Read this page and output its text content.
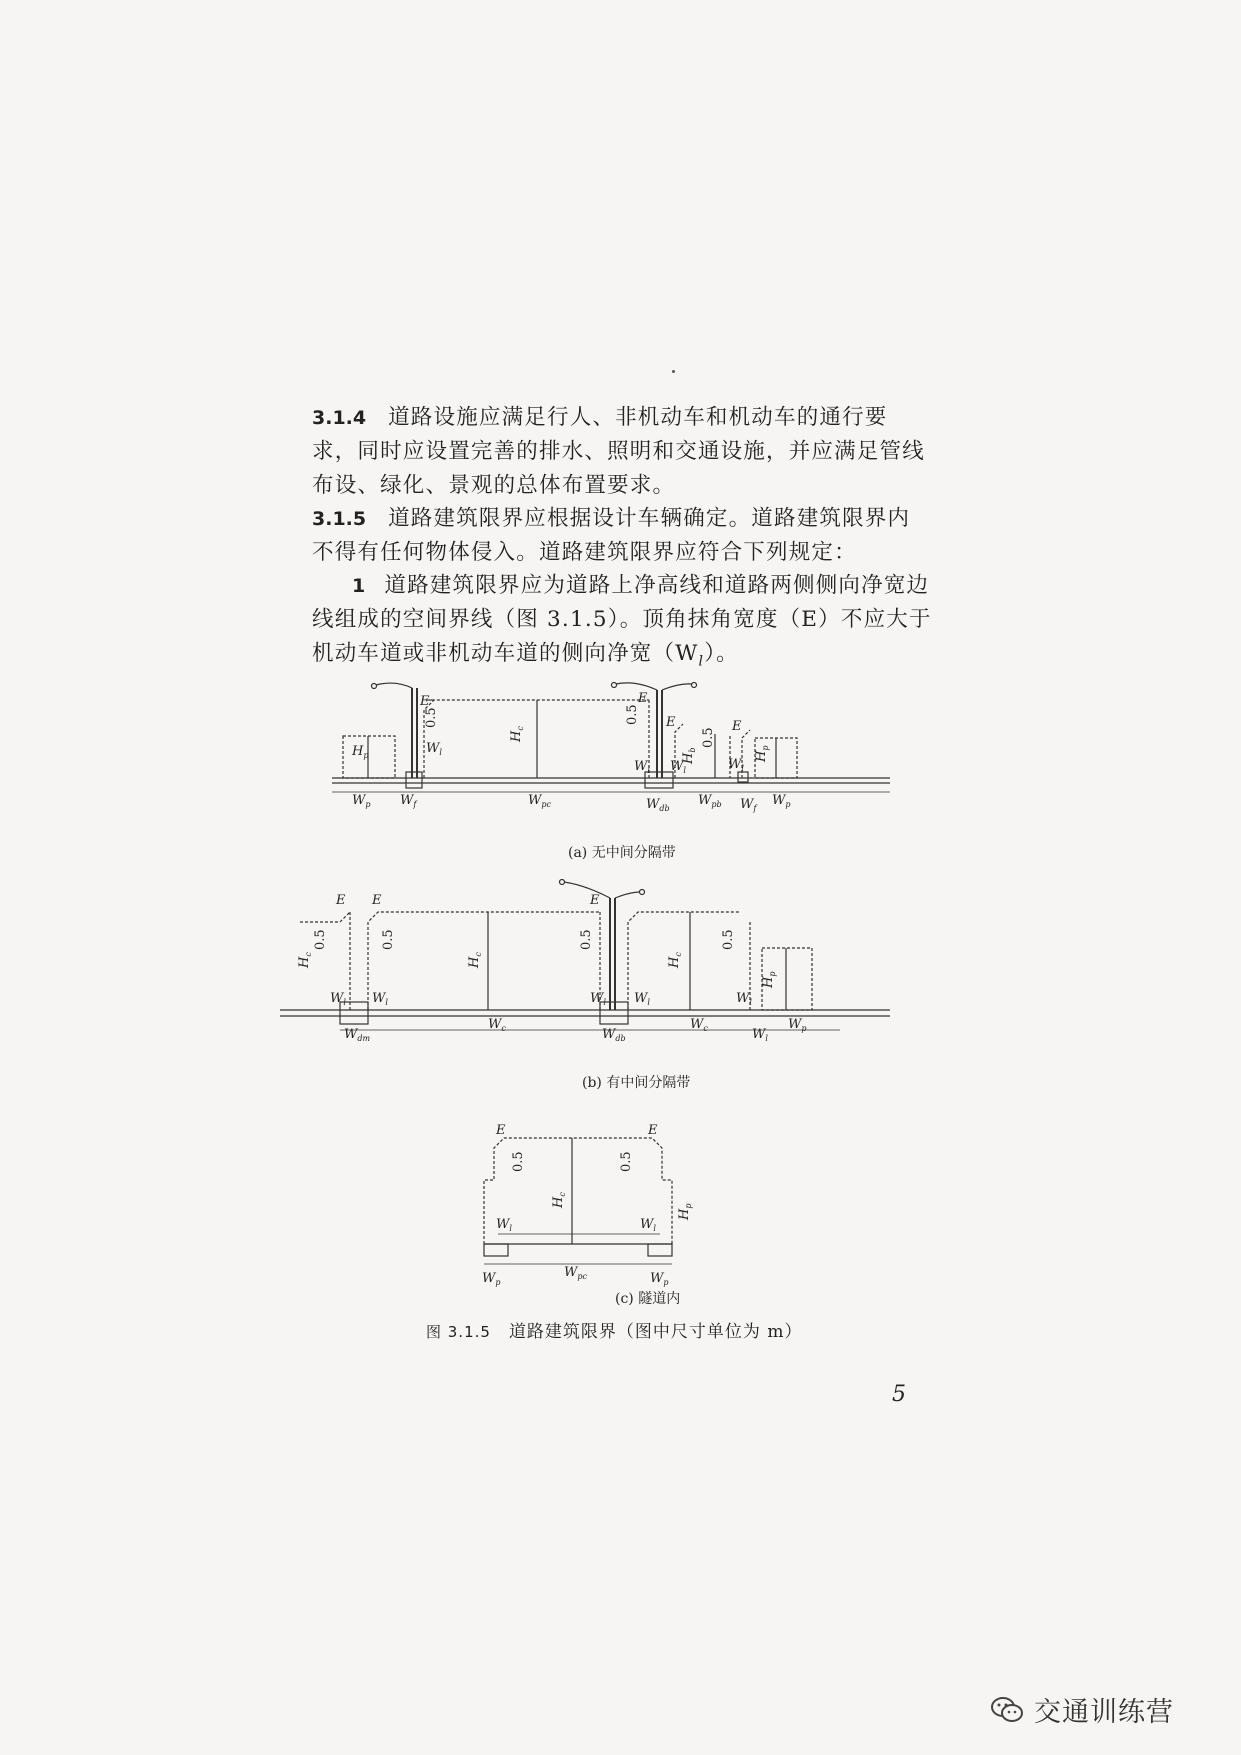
3.1.4 道路设施应满足行人、非机动车和机动车的通行要求，同时应设置完善的排水、照明和交通设施，并应满足管线布设、绿化、景观的总体布置要求。
3.1.5 道路建筑限界应根据设计车辆确定。道路建筑限界内不得有任何物体侵入。道路建筑限界应符合下列规定：
1 道路建筑限界应为道路上净高线和道路两侧侧向净宽边线组成的空间界线（图 3.1.5）。顶角抹角宽度（E）不应大于机动车道或非机动车道的侧向净宽$(W_l)$。
E
0.5
$H_p$	$W_l$
$H_c$
0.5
E
$W_l$
E
$W_l$
$H_b$
0.5
E
$W_l$
$H_p$
$W_p$ $W_f$	$W_{pc}$	$W_{db}$
$W_{pb}$ $W_f$
$W_p$
E E
0.5	0.5
$H_c$
$H_c$
$W_l$ $W_l$
E
0.5
$W_l$ $W_l$
$H_c$
0.5
$W_l$
$H_p$
$W_{dm}$
$W_c$	$W_{db}$
$W_c$	$W_l$
$W_p$
E	E
0.5	0.5
$H_c$
$H_p$
$W_l$	$W_l$
$W_p$
$W_{pc}$	$W_p$
(a) 无中间分隔带
(b) 有中间分隔带
(c) 隧道内
图 3.1.5 道路建筑限界（图中尺寸单位为 m）
5
交通训练营
